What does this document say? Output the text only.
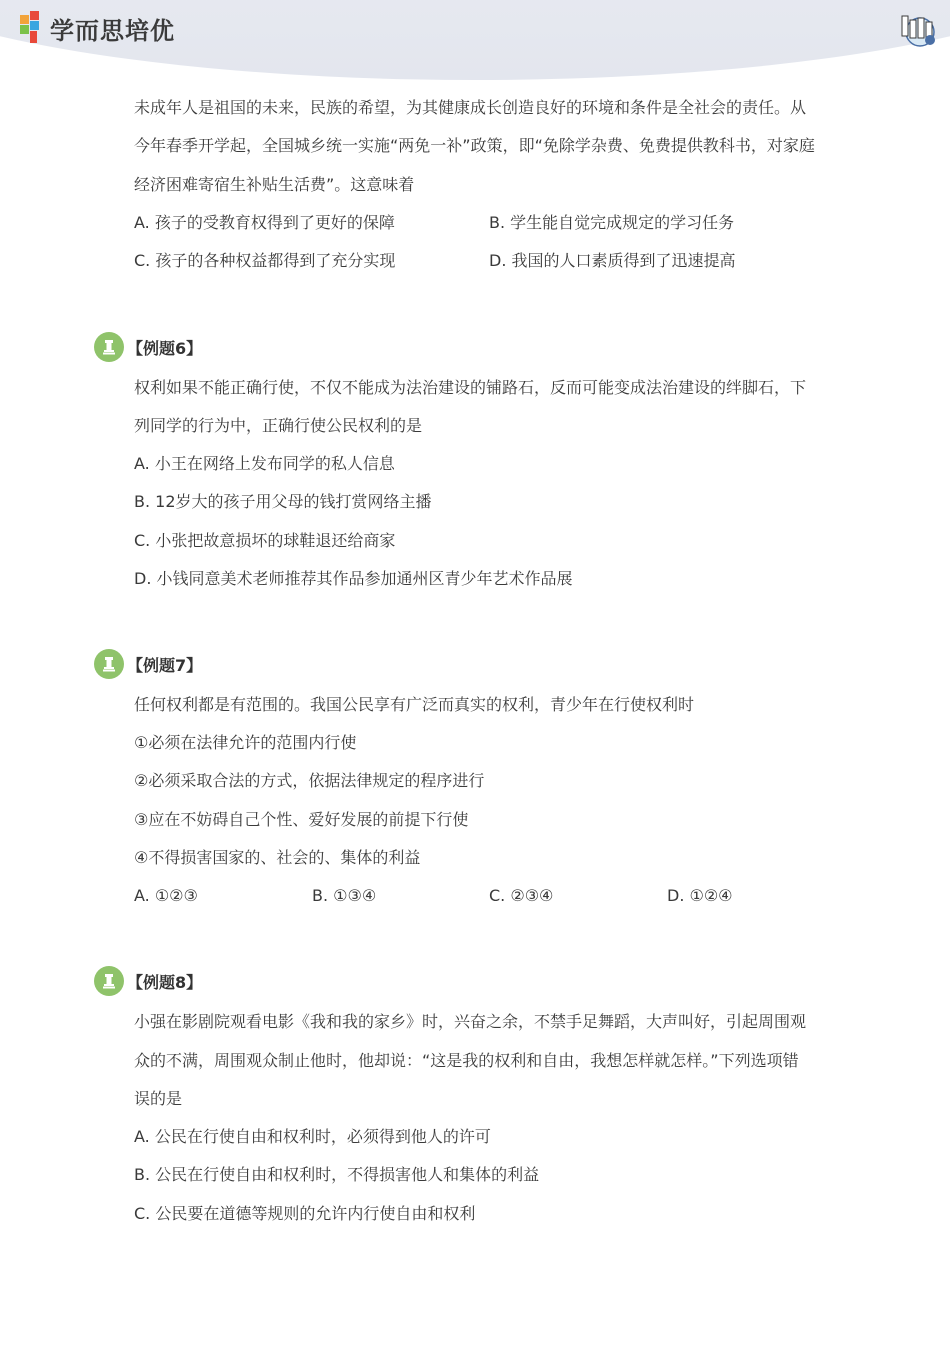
学而思培优
未成年人是祖国的未来，民族的希望，为其健康成长创造良好的环境和条件是全社会的责任。从
今年春季开学起，全国城乡统一实施“两免一补”政策，即“免除学杂费、免费提供教科书，对家庭
经济困难寄宿生补贴生活费”。这意味着
A. 孩子的受教育权得到了更好的保障	B. 学生能自觉完成规定的学习任务
C. 孩子的各种权益都得到了充分实现	D. 我国的人口素质得到了迅速提高
【例题6】
权利如果不能正确行使，不仅不能成为法治建设的铺路石，反而可能变成法治建设的绊脚石，下
列同学的行为中，正确行使公民权利的是
A. 小王在网络上发布同学的私人信息
B. 12岁大的孩子用父母的钱打赏网络主播
C. 小张把故意损坏的球鞋退还给商家
D. 小钱同意美术老师推荐其作品参加通州区青少年艺术作品展
【例题7】
任何权利都是有范围的。我国公民享有广泛而真实的权利，青少年在行使权利时
①必须在法律允许的范围内行使
②必须采取合法的方式，依据法律规定的程序进行
③应在不妨碍自己个性、爱好发展的前提下行使
④不得损害国家的、社会的、集体的利益
A. ①②③	B. ①③④	C. ②③④	D. ①②④
【例题8】
小强在影剧院观看电影《我和我的家乡》时，兴奋之余，不禁手足舞蹈，大声叫好，引起周围观
众的不满，周围观众制止他时，他却说：“这是我的权利和自由，我想怎样就怎样。”下列选项错
误的是
A. 公民在行使自由和权利时，必须得到他人的许可
B. 公民在行使自由和权利时，不得损害他人和集体的利益
C. 公民要在道德等规则的允许内行使自由和权利
